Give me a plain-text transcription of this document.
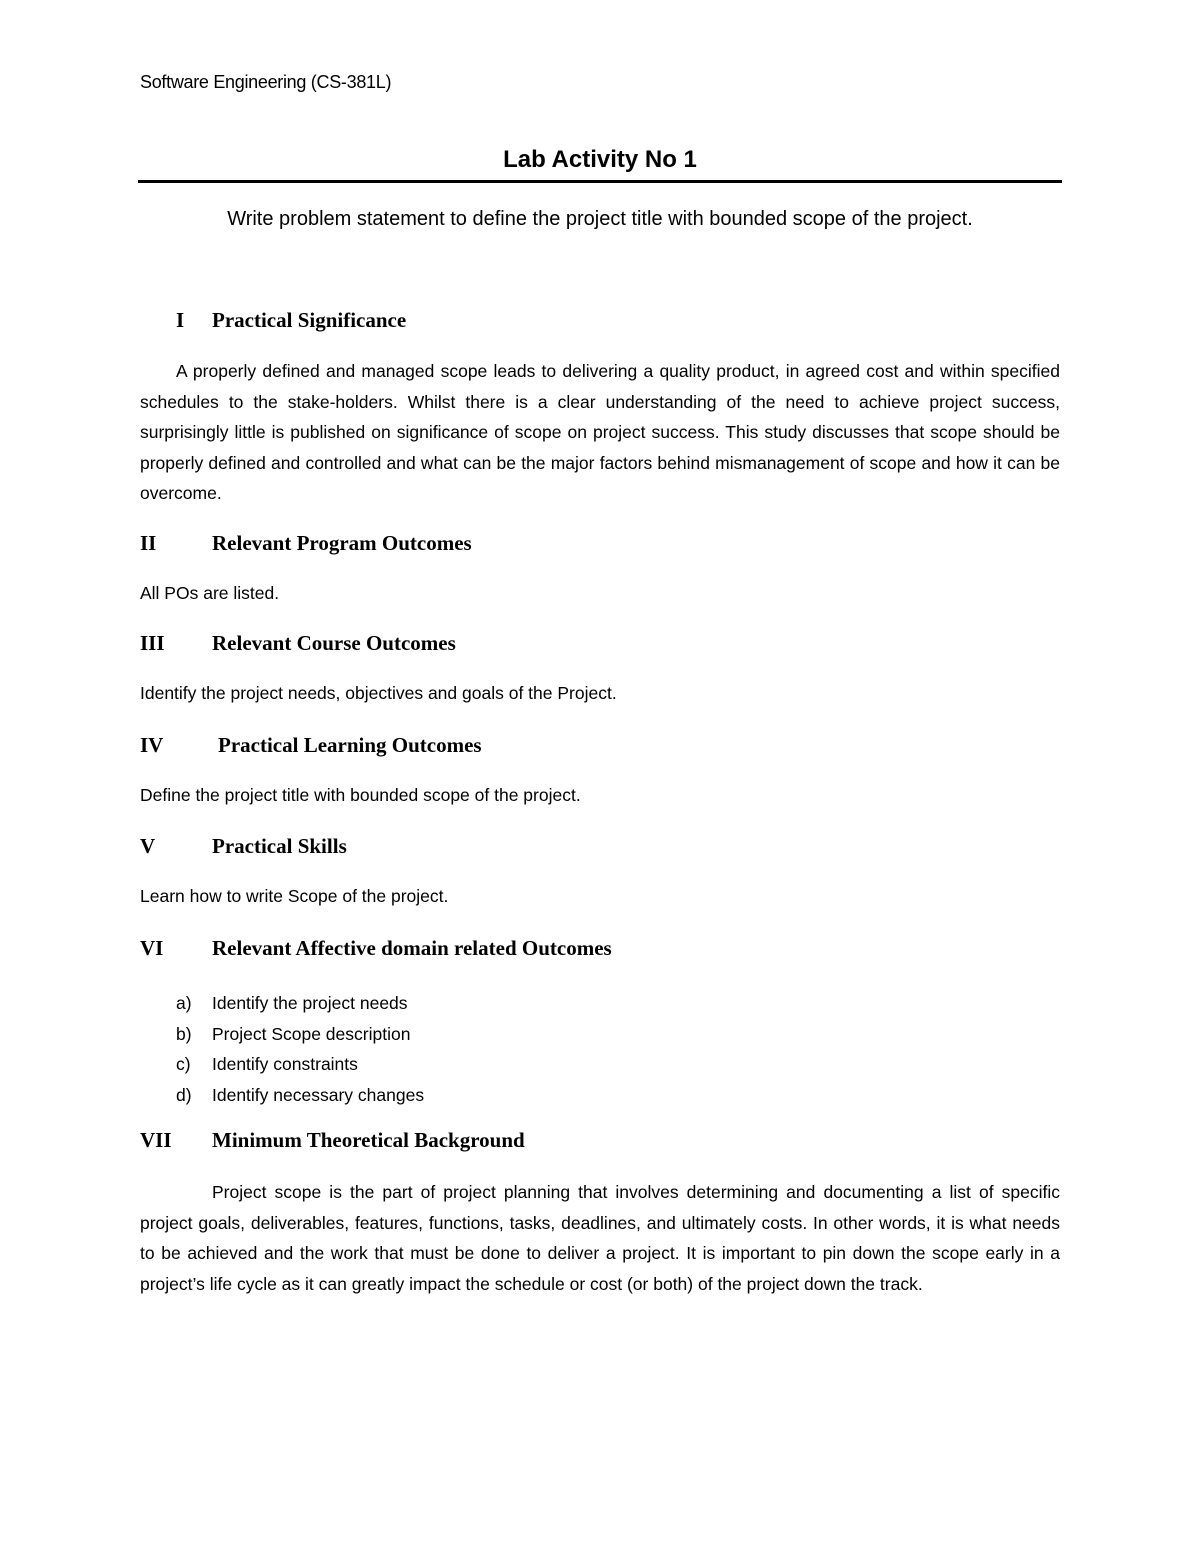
Software Engineering (CS-381L)
Lab Activity No 1
Write problem statement to define the project title with bounded scope of the project.
I Practical Significance
A properly defined and managed scope leads to delivering a quality product, in agreed cost and within specified schedules to the stake-holders. Whilst there is a clear understanding of the need to achieve project success, surprisingly little is published on significance of scope on project success. This study discusses that scope should be properly defined and controlled and what can be the major factors behind mismanagement of scope and how it can be overcome.
II	Relevant Program Outcomes
All POs are listed.
III Relevant Course Outcomes
Identify the project needs, objectives and goals of the Project.
IV	Practical Learning Outcomes
Define the project title with bounded scope of the project.
V	Practical Skills
Learn how to write Scope of the project.
VI Relevant Affective domain related Outcomes
a) Identify the project needs
b) Project Scope description
c) Identify constraints
d) Identify necessary changes
VII Minimum Theoretical Background
Project scope is the part of project planning that involves determining and documenting a list of specific project goals, deliverables, features, functions, tasks, deadlines, and ultimately costs. In other words, it is what needs to be achieved and the work that must be done to deliver a project. It is important to pin down the scope early in a project’s life cycle as it can greatly impact the schedule or cost (or both) of the project down the track.
